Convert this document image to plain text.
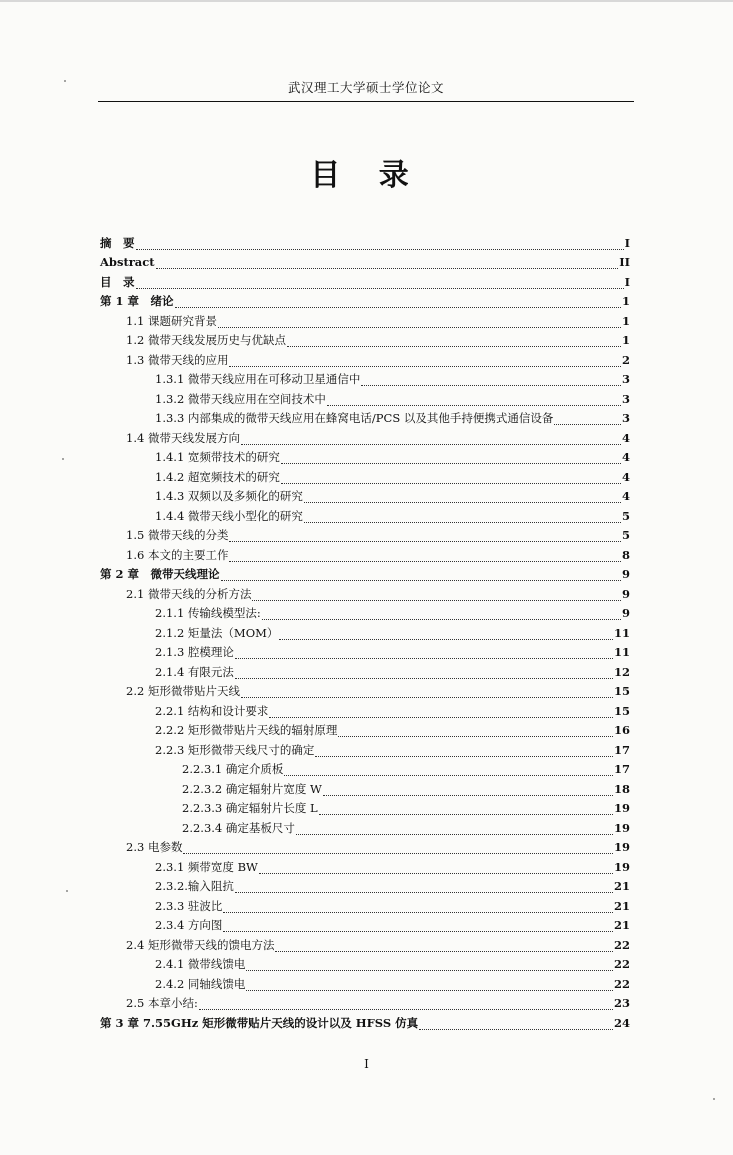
武汉理工大学硕士学位论文
目 录
摘　要	I
Abstract	II
目　录	I
第 1 章　绪论	1
1.1 课题研究背景	1
1.2 微带天线发展历史与优缺点	1
1.3 微带天线的应用	2
1.3.1 微带天线应用在可移动卫星通信中	3
1.3.2 微带天线应用在空间技术中	3
1.3.3 内部集成的微带天线应用在蜂窝电话/PCS 以及其他手持便携式通信设备	3
1.4 微带天线发展方向	4
1.4.1 宽频带技术的研究	4
1.4.2 超宽频技术的研究	4
1.4.3 双频以及多频化的研究	4
1.4.4 微带天线小型化的研究	5
1.5 微带天线的分类	5
1.6 本文的主要工作	8
第 2 章　微带天线理论	9
2.1 微带天线的分析方法	9
2.1.1 传输线模型法:	9
2.1.2 矩量法（MOM）	11
2.1.3 腔模理论	11
2.1.4 有限元法	12
2.2 矩形微带贴片天线	15
2.2.1 结构和设计要求	15
2.2.2 矩形微带贴片天线的辐射原理	16
2.2.3 矩形微带天线尺寸的确定	17
2.2.3.1 确定介质板	17
2.2.3.2 确定辐射片宽度 W	18
2.2.3.3 确定辐射片长度 L	19
2.2.3.4 确定基板尺寸	19
2.3 电参数	19
2.3.1 频带宽度 BW	19
2.3.2.输入阻抗	21
2.3.3 驻波比	21
2.3.4 方向图	21
2.4 矩形微带天线的馈电方法	22
2.4.1 微带线馈电	22
2.4.2 同轴线馈电	22
2.5 本章小结:	23
第 3 章 7.55GHz 矩形微带贴片天线的设计以及 HFSS 仿真	24
I
